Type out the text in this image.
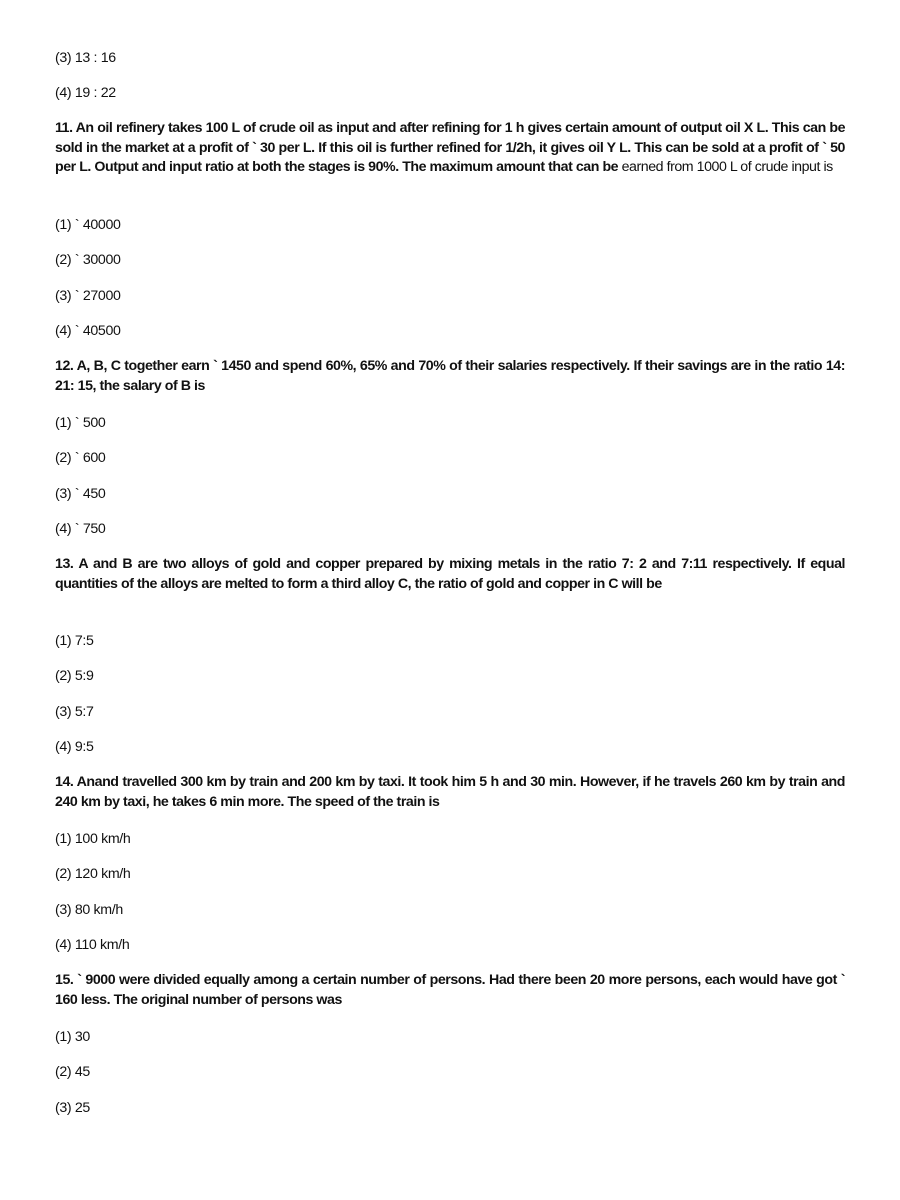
(3) 13 : 16
(4) 19 : 22
11. An oil refinery takes 100 L of crude oil as input and after refining for 1 h gives certain amount of output oil X L. This can be sold in the market at a profit of ` 30 per L. If this oil is further refined for 1/2h, it gives oil Y L. This can be sold at a profit of ` 50 per L. Output and input ratio at both the stages is 90%. The maximum amount that can be earned from 1000 L of crude input is
(1) ` 40000
(2) ` 30000
(3) ` 27000
(4) ` 40500
12. A, B, C together earn ` 1450 and spend 60%, 65% and 70% of their salaries respectively. If their savings are in the ratio 14: 21: 15, the salary of B is
(1) ` 500
(2) ` 600
(3) ` 450
(4) ` 750
13. A and B are two alloys of gold and copper prepared by mixing metals in the ratio 7: 2 and 7:11 respectively. If equal quantities of the alloys are melted to form a third alloy C, the ratio of gold and copper in C will be
(1) 7:5
(2) 5:9
(3) 5:7
(4) 9:5
14. Anand travelled 300 km by train and 200 km by taxi. It took him 5 h and 30 min. However, if he travels 260 km by train and 240 km by taxi, he takes 6 min more. The speed of the train is
(1) 100 km/h
(2) 120 km/h
(3) 80 km/h
(4) 110 km/h
15. ` 9000 were divided equally among a certain number of persons. Had there been 20 more persons, each would have got ` 160 less. The original number of persons was
(1) 30
(2) 45
(3) 25
